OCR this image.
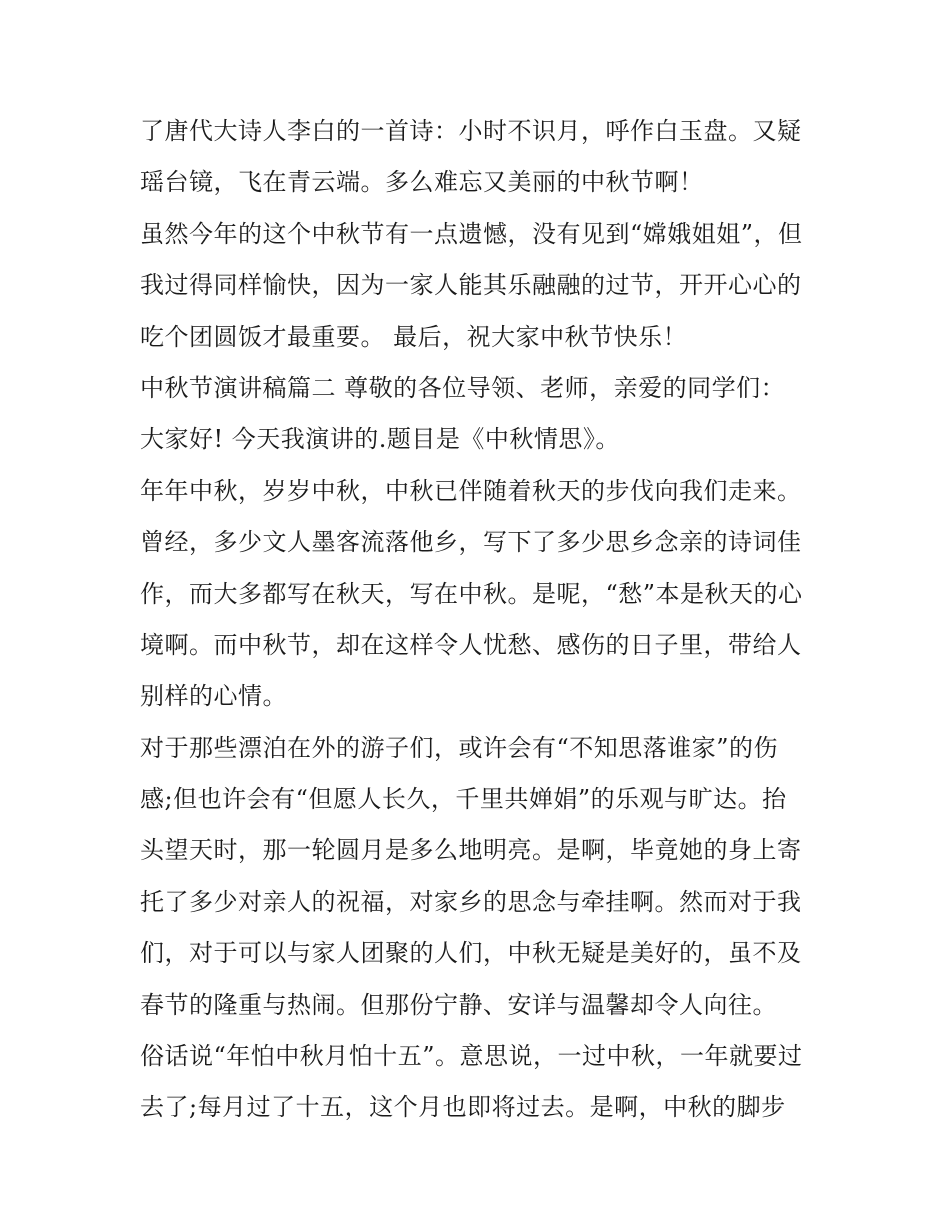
了唐代大诗人李白的一首诗：小时不识月，呼作白玉盘。又疑
瑶台镜，飞在青云端。多么难忘又美丽的中秋节啊！
虽然今年的这个中秋节有一点遗憾，没有见到“嫦娥姐姐”，但
我过得同样愉快，因为一家人能其乐融融的过节，开开心心的
吃个团圆饭才最重要。 最后，祝大家中秋节快乐！
中秋节演讲稿篇二 尊敬的各位导领、老师，亲爱的同学们：
大家好! 今天我演讲的.题目是《中秋情思》。
年年中秋，岁岁中秋，中秋已伴随着秋天的步伐向我们走来。
曾经，多少文人墨客流落他乡，写下了多少思乡念亲的诗词佳
作，而大多都写在秋天，写在中秋。是呢，“愁”本是秋天的心
境啊。而中秋节，却在这样令人忧愁、感伤的日子里，带给人
别样的心情。
对于那些漂泊在外的游子们，或许会有“不知思落谁家”的伤
感;但也许会有“但愿人长久，千里共婵娟”的乐观与旷达。抬
头望天时，那一轮圆月是多么地明亮。是啊，毕竟她的身上寄
托了多少对亲人的祝福，对家乡的思念与牵挂啊。然而对于我
们，对于可以与家人团聚的人们，中秋无疑是美好的，虽不及
春节的隆重与热闹。但那份宁静、安详与温馨却令人向往。
俗话说“年怕中秋月怕十五”。意思说，一过中秋，一年就要过
去了;每月过了十五，这个月也即将过去。是啊，中秋的脚步
